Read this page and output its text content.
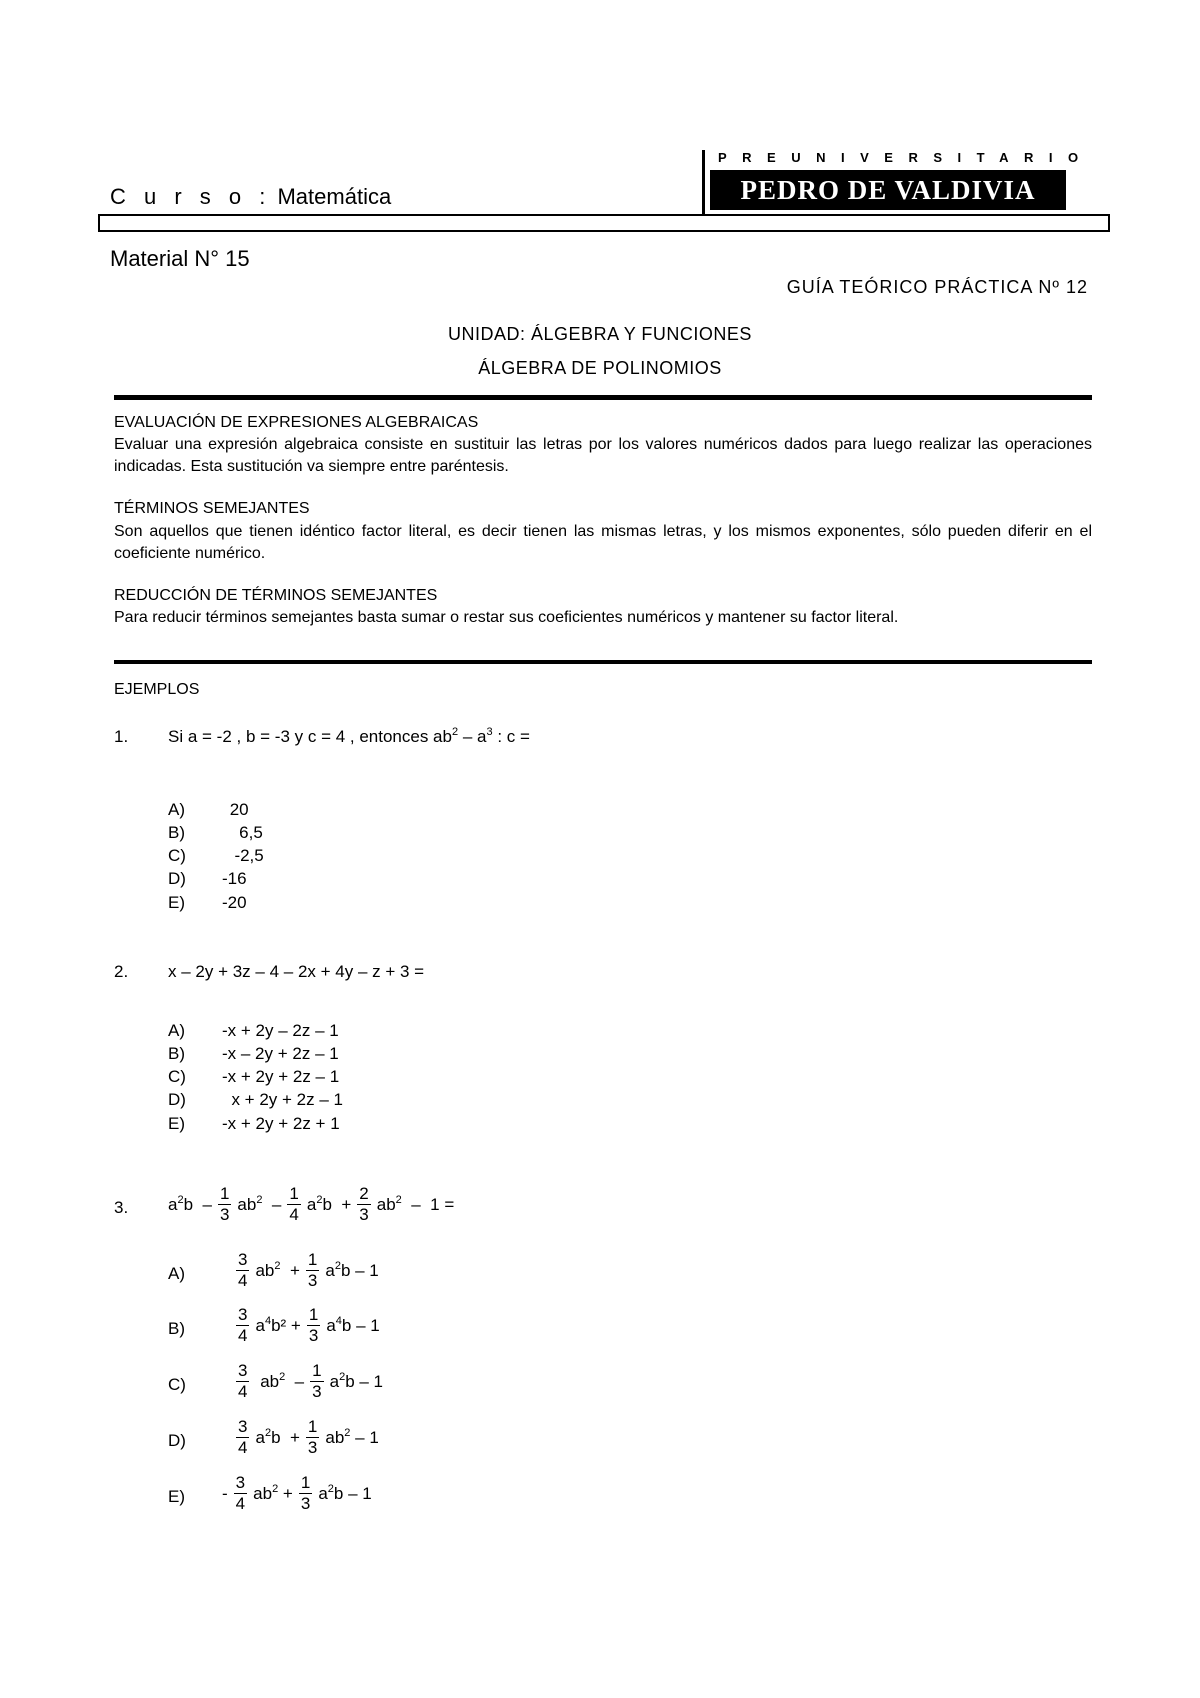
C u r s o : Matemática
PREUNIVERSITARIO
PEDRO DE VALDIVIA
Material N° 15
GUÍA TEÓRICO PRÁCTICA Nº 12
UNIDAD: ÁLGEBRA Y FUNCIONES
ÁLGEBRA DE POLINOMIOS
EVALUACIÓN DE EXPRESIONES ALGEBRAICAS
Evaluar una expresión algebraica consiste en sustituir las letras por los valores numéricos dados para luego realizar las operaciones indicadas. Esta sustitución va siempre entre paréntesis.
TÉRMINOS SEMEJANTES
Son aquellos que tienen idéntico factor literal, es decir tienen las mismas letras, y los mismos exponentes, sólo pueden diferir en el coeficiente numérico.
REDUCCIÓN DE TÉRMINOS SEMEJANTES
Para reducir términos semejantes basta sumar o restar sus coeficientes numéricos y mantener su factor literal.
EJEMPLOS
1. Si a = -2 , b = -3 y c = 4 , entonces $ab^2 - a^3$ : c =
A) 20
B) 6,5
C) -2,5
D) -16
E) -20
2. x – 2y + 3z – 4 – 2x + 4y – z + 3 =
A) -x + 2y – 2z – 1
B) -x – 2y + 2z – 1
C) -x + 2y + 2z – 1
D) x + 2y + 2z – 1
E) -x + 2y + 2z + 1
3. $a^2b - \frac{1}{3} ab^2 - \frac{1}{4} a^2b + \frac{2}{3} ab^2 - 1$ =
A)	$\frac{3}{4} ab^2 + \frac{1}{3} a^2b - 1$
B)	$\frac{3}{4} a^4b^2 + \frac{1}{3} a^4b - 1$
C)	$\frac{3}{4} ab^2 - \frac{1}{3} a^2b - 1$
D)	$\frac{3}{4} a^2b + \frac{1}{3} ab^2 - 1$
$E) - \frac{3}{4} ab^2 + \frac{1}{3} a^2b - 1$
